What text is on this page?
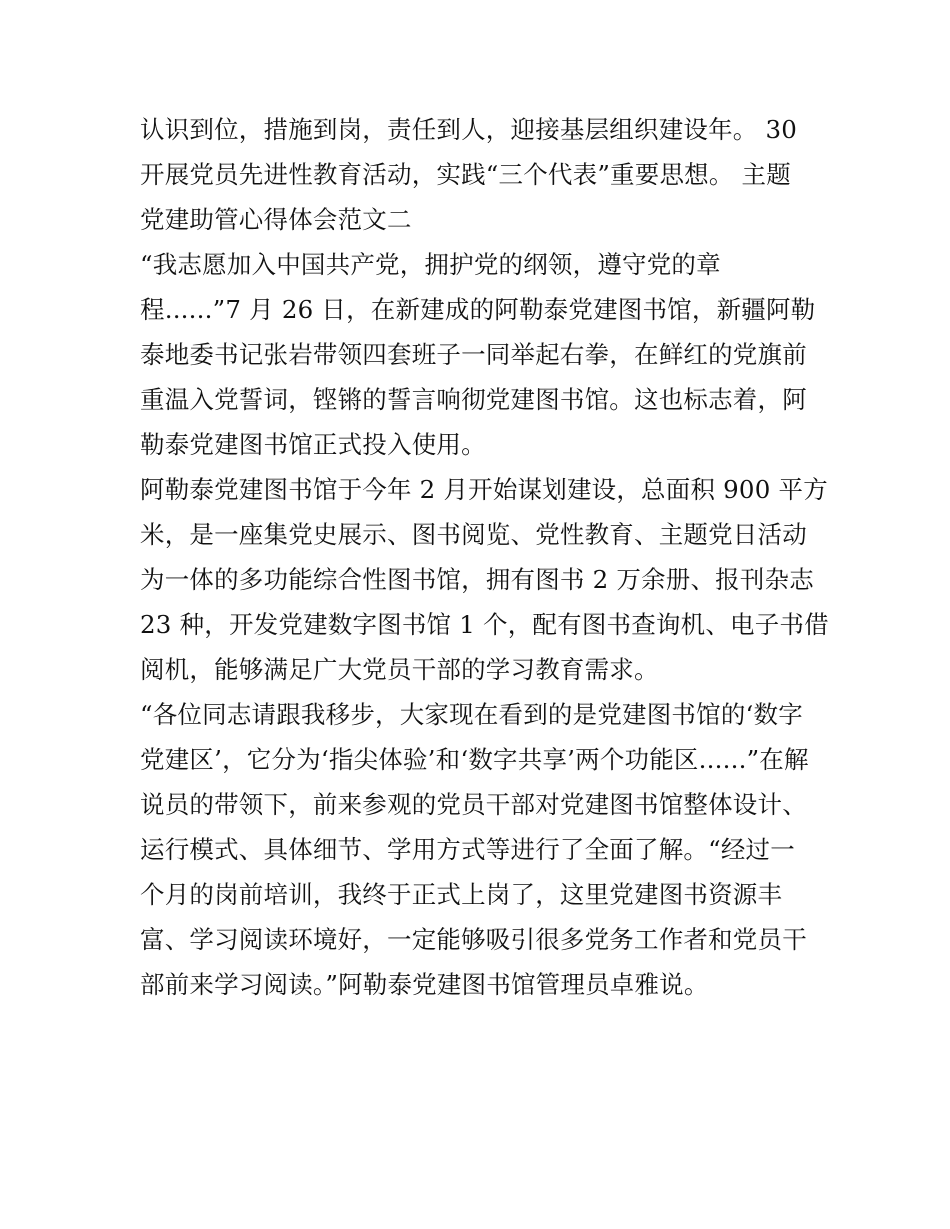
认识到位，措施到岗，责任到人，迎接基层组织建设年。 30
开展党员先进性教育活动，实践“三个代表”重要思想。 主题
党建助管心得体会范文二
“我志愿加入中国共产党，拥护党的纲领，遵守党的章
程......”7 月 26 日，在新建成的阿勒泰党建图书馆，新疆阿勒
泰地委书记张岩带领四套班子一同举起右拳，在鲜红的党旗前
重温入党誓词，铿锵的誓言响彻党建图书馆。这也标志着，阿
勒泰党建图书馆正式投入使用。
阿勒泰党建图书馆于今年 2 月开始谋划建设，总面积 900 平方
米，是一座集党史展示、图书阅览、党性教育、主题党日活动
为一体的多功能综合性图书馆，拥有图书 2 万余册、报刊杂志
23 种，开发党建数字图书馆 1 个，配有图书查询机、电子书借
阅机，能够满足广大党员干部的学习教育需求。
“各位同志请跟我移步，大家现在看到的是党建图书馆的‘数字
党建区’，它分为‘指尖体验’和‘数字共享’两个功能区......”在解
说员的带领下，前来参观的党员干部对党建图书馆整体设计、
运行模式、具体细节、学用方式等进行了全面了解。“经过一
个月的岗前培训，我终于正式上岗了，这里党建图书资源丰
富、学习阅读环境好，一定能够吸引很多党务工作者和党员干
部前来学习阅读。”阿勒泰党建图书馆管理员卓雅说。
